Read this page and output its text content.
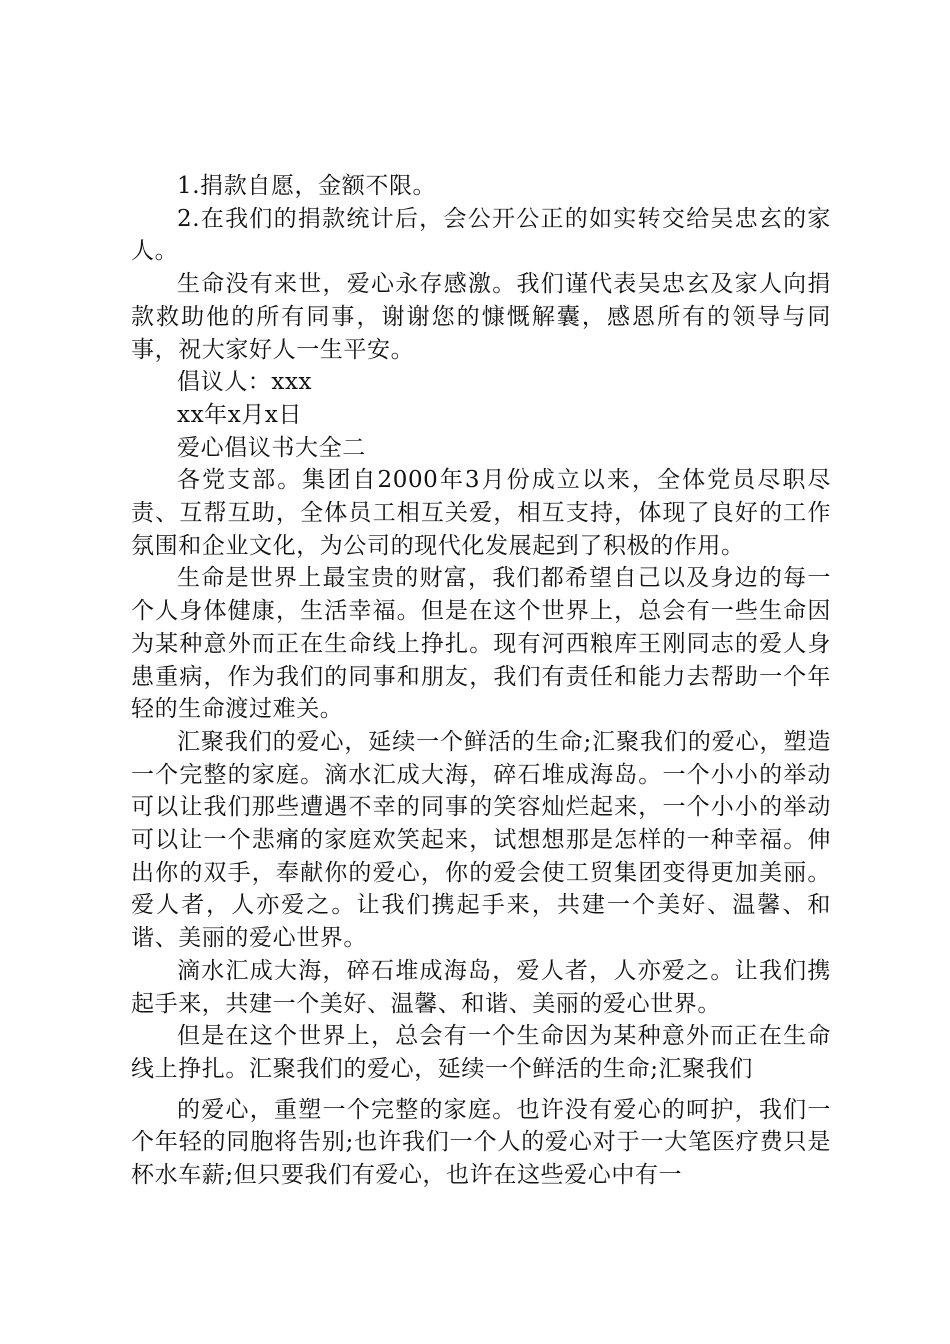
1.捐款自愿，金额不限。

2.在我们的捐款统计后，会公开公正的如实转交给吴忠玄的家人。

生命没有来世，爱心永存感激。我们谨代表吴忠玄及家人向捐款救助他的所有同事，谢谢您的慷慨解囊，感恩所有的领导与同事，祝大家好人一生平安。

倡议人：xxx

xx年x月x日

爱心倡议书大全二

各党支部。集团自2000年3月份成立以来，全体党员尽职尽责、互帮互助，全体员工相互关爱，相互支持，体现了良好的工作氛围和企业文化，为公司的现代化发展起到了积极的作用。

生命是世界上最宝贵的财富，我们都希望自己以及身边的每一个人身体健康，生活幸福。但是在这个世界上，总会有一些生命因为某种意外而正在生命线上挣扎。现有河西粮库王刚同志的爱人身患重病，作为我们的同事和朋友，我们有责任和能力去帮助一个年轻的生命渡过难关。

汇聚我们的爱心，延续一个鲜活的生命;汇聚我们的爱心，塑造一个完整的家庭。滴水汇成大海，碎石堆成海岛。一个小小的举动可以让我们那些遭遇不幸的同事的笑容灿烂起来，一个小小的举动可以让一个悲痛的家庭欢笑起来，试想想那是怎样的一种幸福。伸出你的双手，奉献你的爱心，你的爱会使工贸集团变得更加美丽。爱人者，人亦爱之。让我们携起手来，共建一个美好、温馨、和谐、美丽的爱心世界。

滴水汇成大海，碎石堆成海岛，爱人者，人亦爱之。让我们携起手来，共建一个美好、温馨、和谐、美丽的爱心世界。

但是在这个世界上，总会有一个生命因为某种意外而正在生命线上挣扎。汇聚我们的爱心，延续一个鲜活的生命;汇聚我们

的爱心，重塑一个完整的家庭。也许没有爱心的呵护，我们一个年轻的同胞将告别;也许我们一个人的爱心对于一大笔医疗费只是杯水车薪;但只要我们有爱心，也许在这些爱心中有一
